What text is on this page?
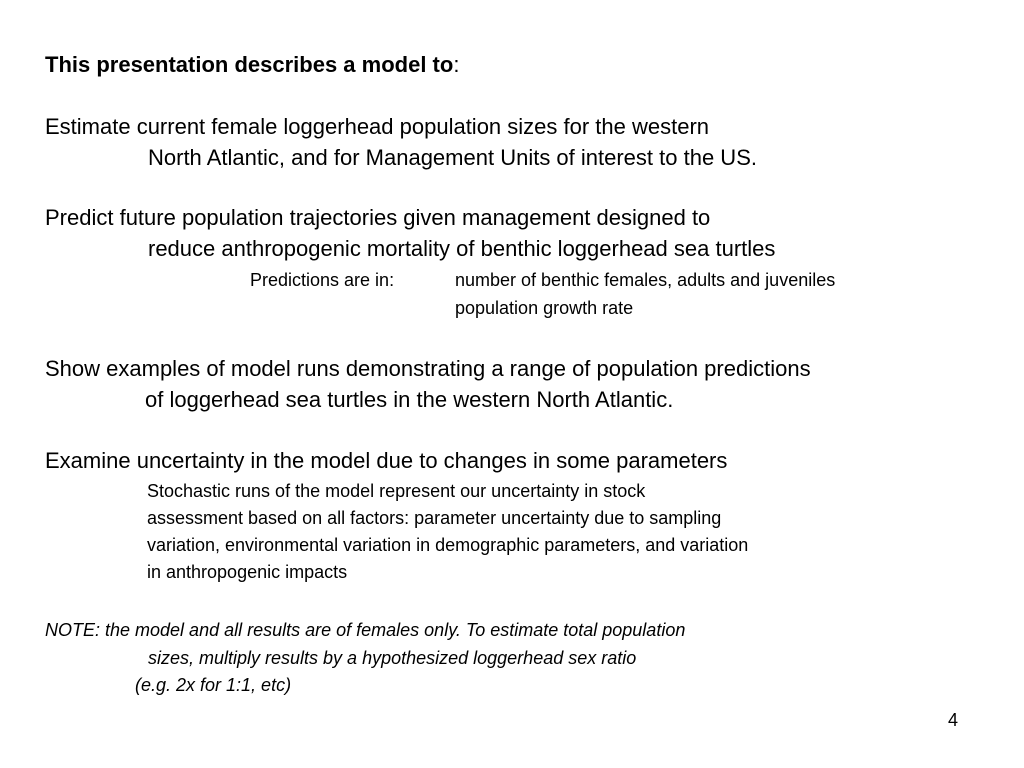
This presentation describes a model to:
Estimate current female loggerhead population sizes for the western
North Atlantic, and for Management Units of interest to the US.
Predict future population trajectories given management designed to
reduce anthropogenic mortality of benthic loggerhead sea turtles
Predictions are in:	number of benthic females, adults and juveniles
population growth rate
Show examples of model runs demonstrating a range of population predictions
of loggerhead sea turtles in the western North Atlantic.
Examine uncertainty in the model due to changes in some parameters
Stochastic runs of the model represent our uncertainty in stock
assessment based on all factors: parameter uncertainty due to sampling
variation, environmental variation in demographic parameters, and variation
in anthropogenic impacts
NOTE: the model and all results are of females only. To estimate total population
sizes, multiply results by a hypothesized loggerhead sex ratio
(e.g. 2x for 1:1, etc)
4
